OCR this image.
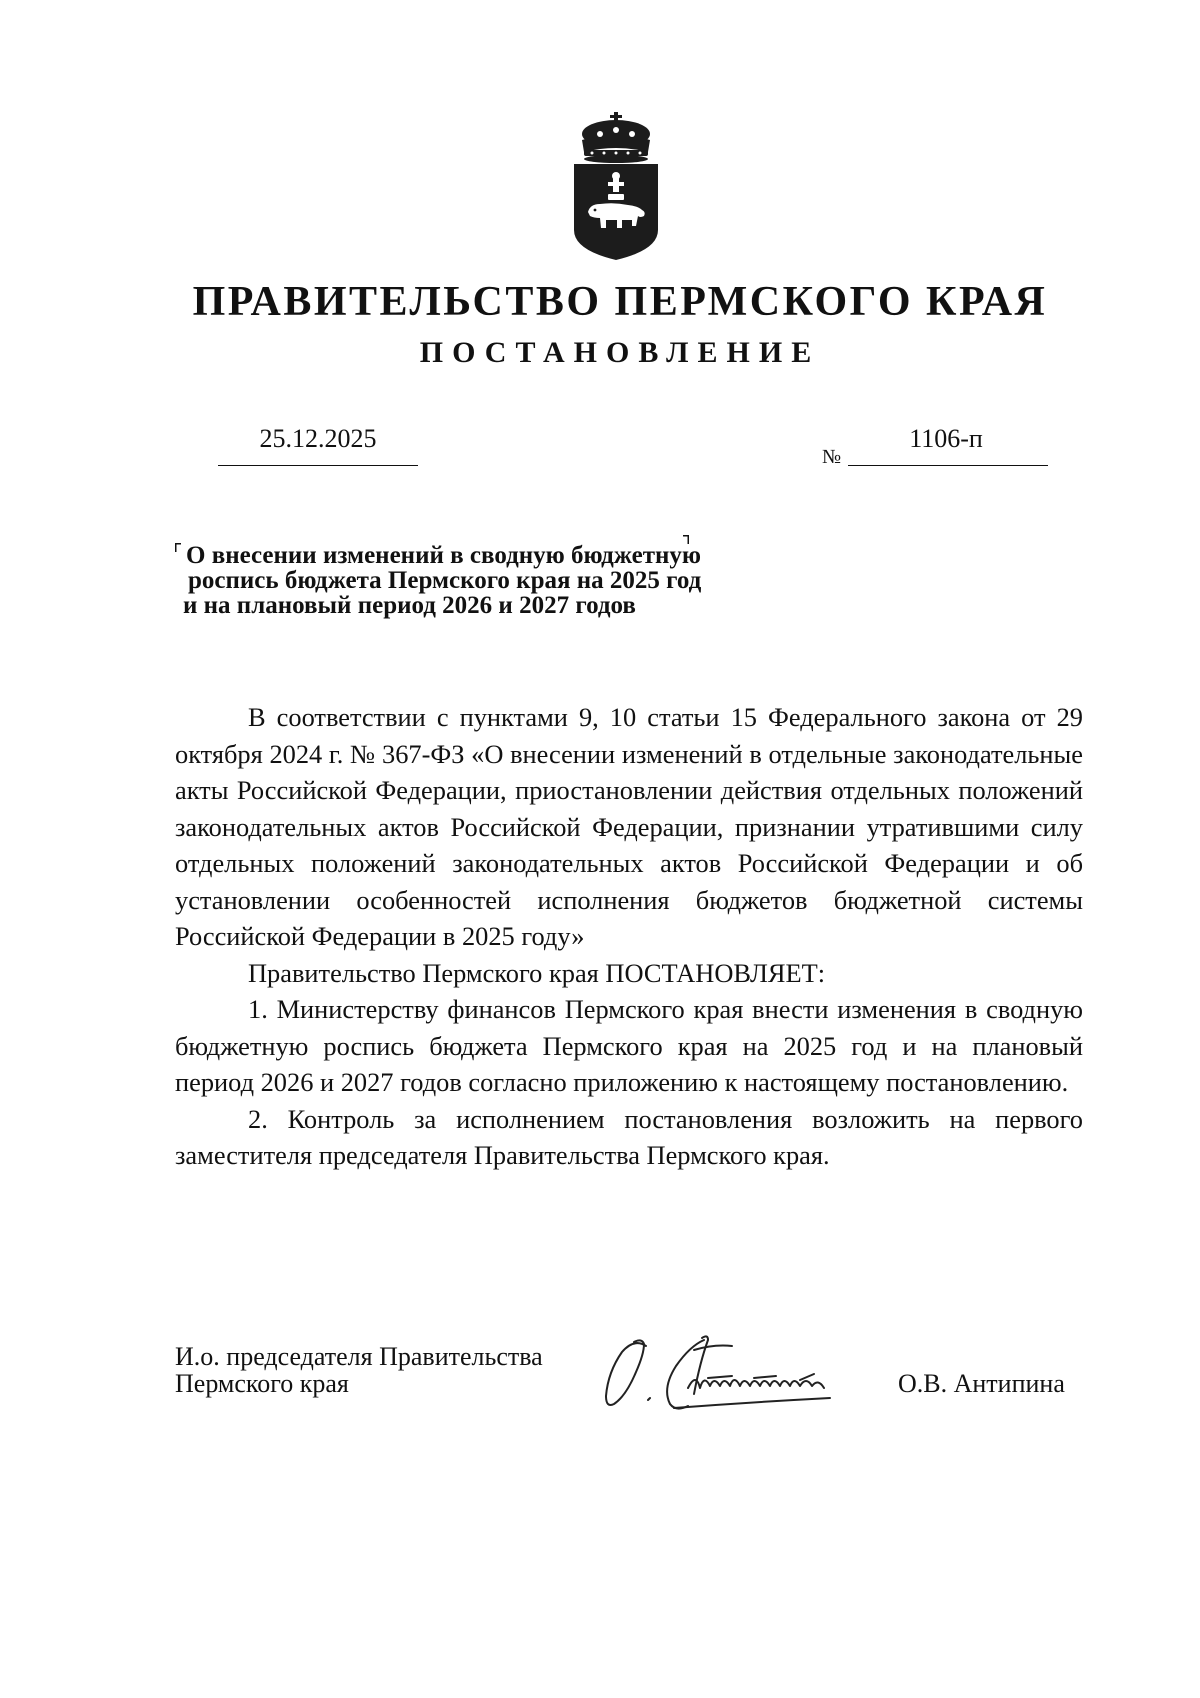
ПРАВИТЕЛЬСТВО ПЕРМСКОГО КРАЯ
ПОСТАНОВЛЕНИЕ
25.12.2025
№
1106-п
О внесении изменений в сводную бюджетную
роспись бюджета Пермского края на 2025 год
и на плановый период 2026 и 2027 годов

В соответствии с пунктами 9, 10 статьи 15 Федерального закона от 29 октября 2024 г. № 367-ФЗ «О внесении изменений в отдельные законодательные акты Российской Федерации, приостановлении действия отдельных положений законодательных актов Российской Федерации, признании утратившими силу отдельных положений законодательных актов Российской Федерации и об установлении особенностей исполнения бюджетов бюджетной системы Российской Федерации в 2025 году»

Правительство Пермского края ПОСТАНОВЛЯЕТ:

1. Министерству финансов Пермского края внести изменения в сводную бюджетную роспись бюджета Пермского края на 2025 год и на плановый период 2026 и 2027 годов согласно приложению к настоящему постановлению.

2. Контроль за исполнением постановления возложить на первого заместителя председателя Правительства Пермского края.

И.о. председателя Правительства
Пермского края	О.В. Антипина
